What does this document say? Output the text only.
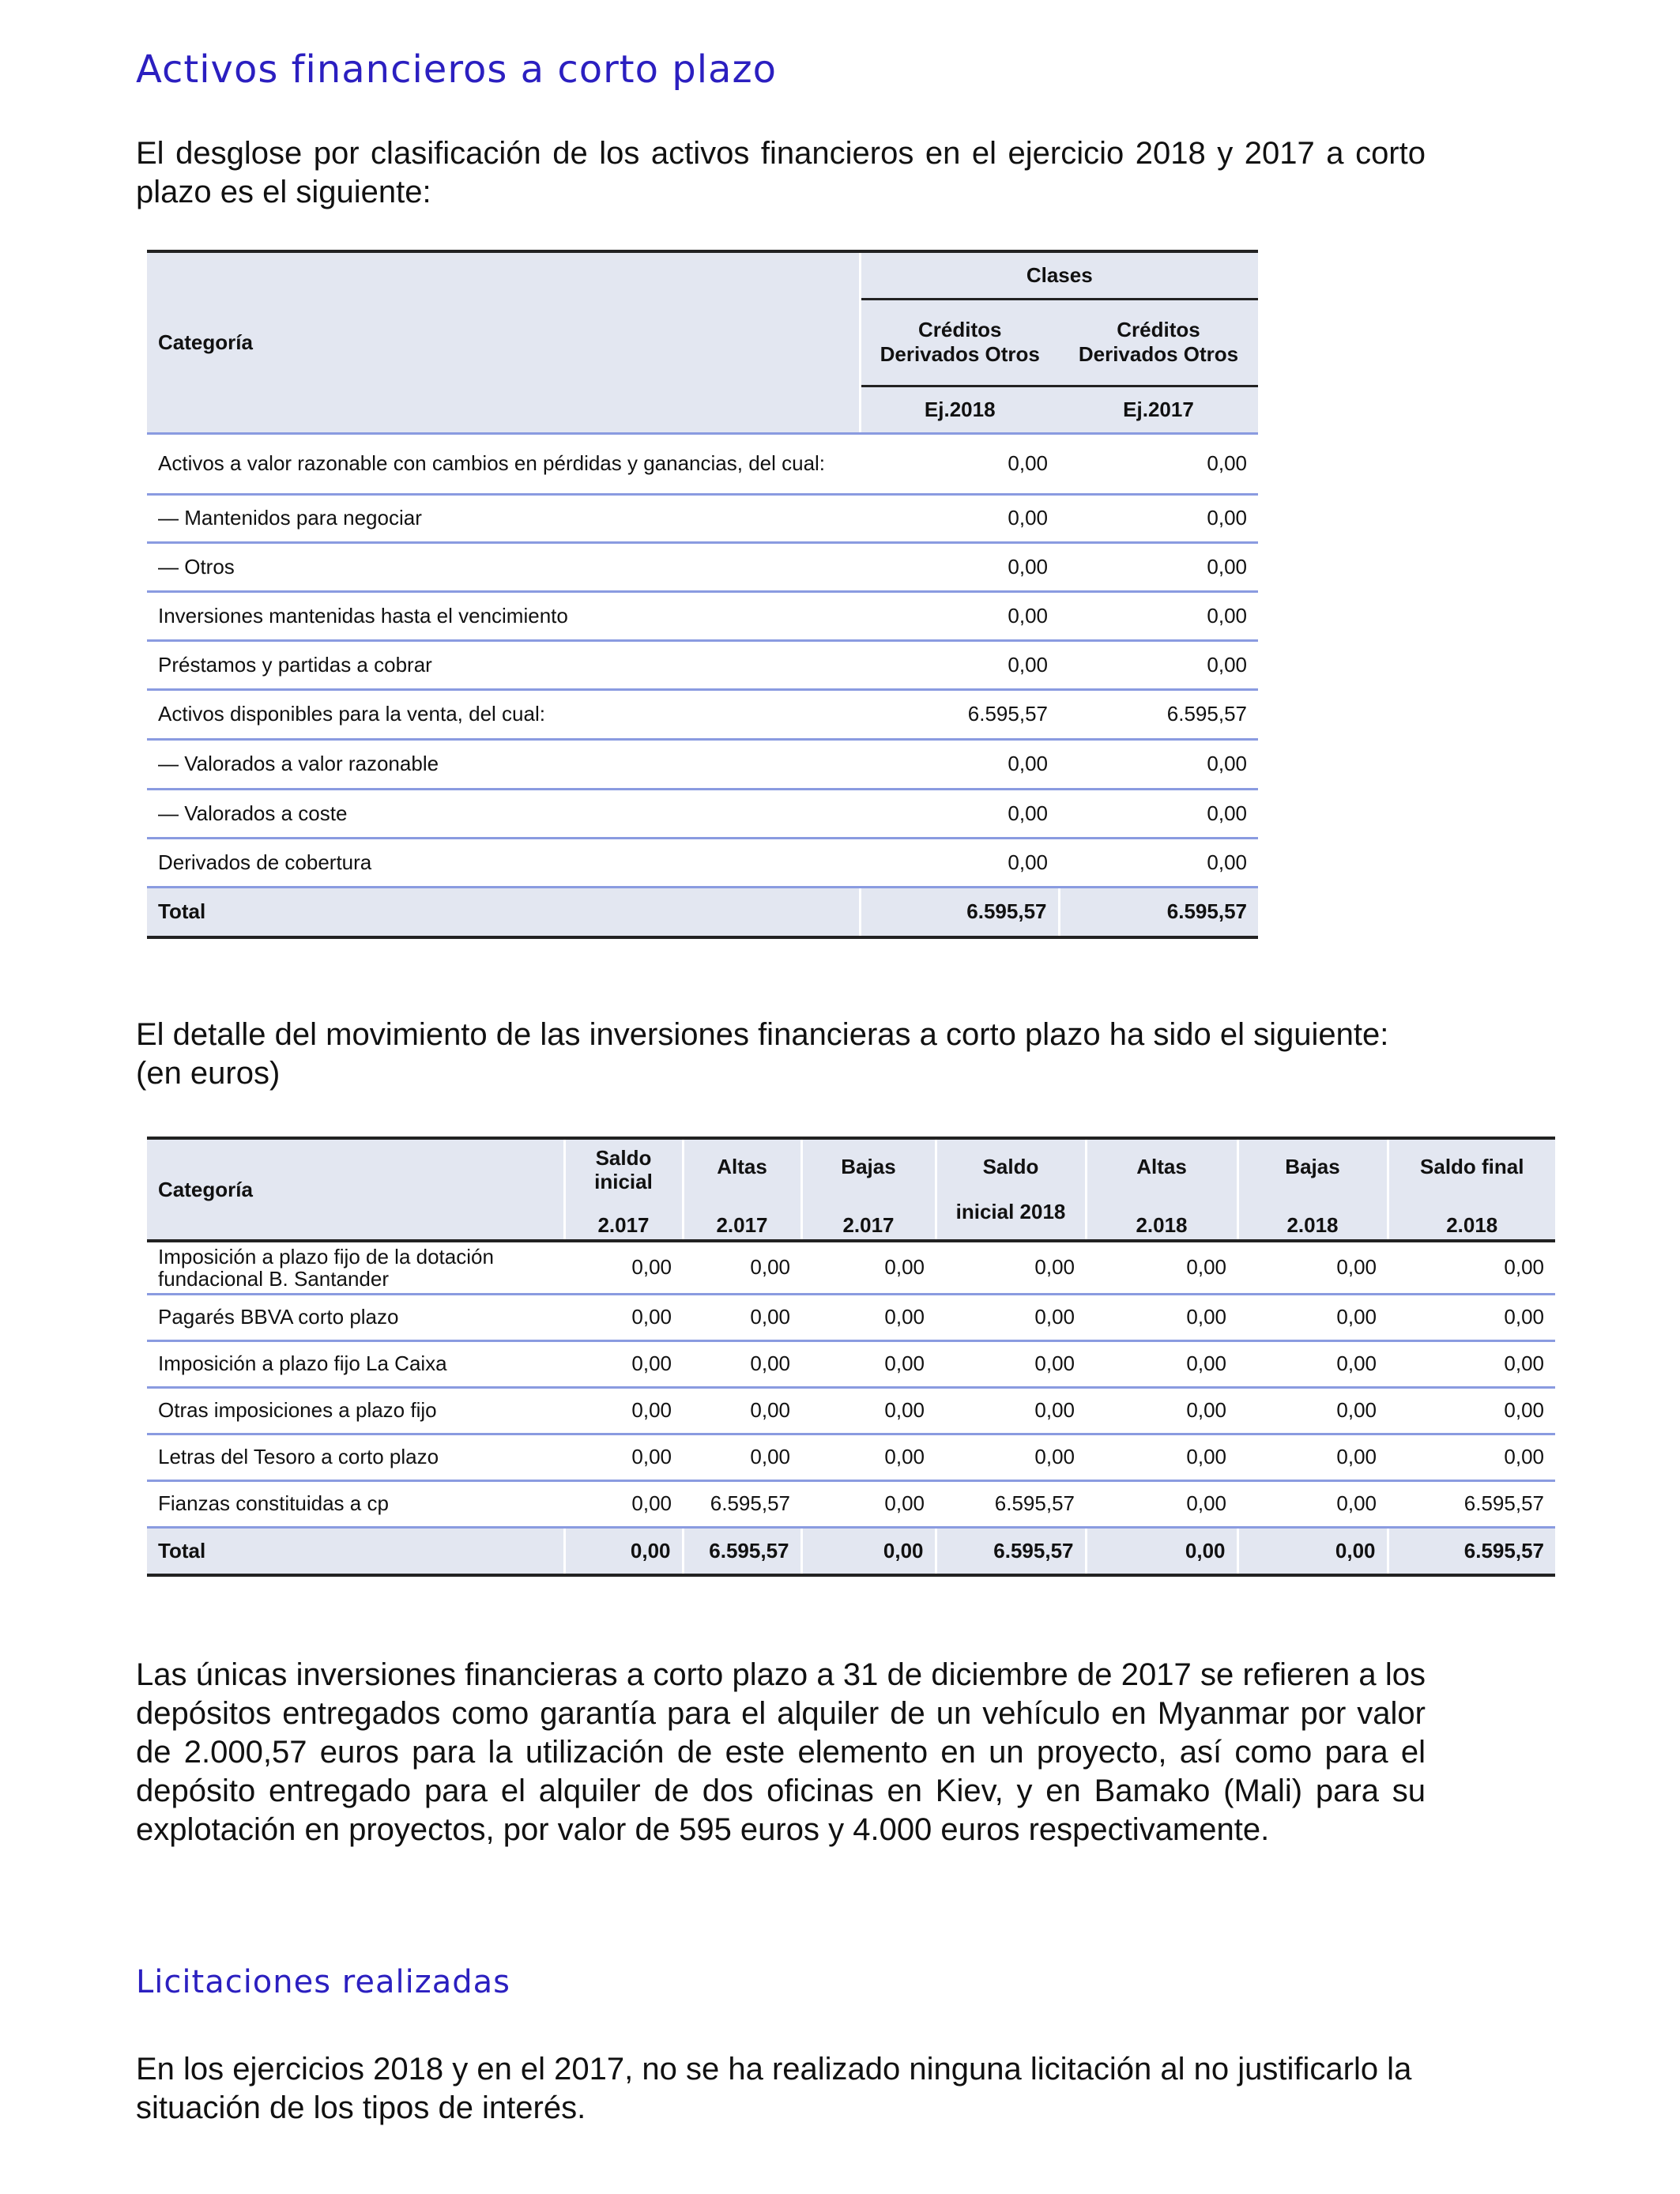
Activos financieros a corto plazo

El desglose por clasificación de los activos financieros en el ejercicio 2018 y 2017 a corto plazo es el siguiente:

Categoría	Clases	
	Créditos Derivados Otros	Créditos Derivados Otros
	Ej.2018	Ej.2017
Activos a valor razonable con cambios en pérdidas y ganancias, del cual:	0,00	0,00
— Mantenidos para negociar	0,00	0,00
— Otros	0,00	0,00
Inversiones mantenidas hasta el vencimiento	0,00	0,00
Préstamos y partidas a cobrar	0,00	0,00
Activos disponibles para la venta, del cual:	6.595,57	6.595,57
— Valorados a valor razonable	0,00	0,00
— Valorados a coste	0,00	0,00
Derivados de cobertura	0,00	0,00
Total	6.595,57	6.595,57
El detalle del movimiento de las inversiones financieras a corto plazo ha sido el siguiente:
(en euros)
Categoría	Saldo inicial	Altas	Bajas	Saldo	Altas	Bajas	Saldo final
	2.017	2.017	2.017	inicial 2018	2.018	2.018	2.018
Imposición a plazo fijo de la dotación fundacional B. Santander	0,00	0,00	0,00	0,00	0,00	0,00	0,00
Pagarés BBVA corto plazo	0,00	0,00	0,00	0,00	0,00	0,00	0,00
Imposición a plazo fijo La Caixa	0,00	0,00	0,00	0,00	0,00	0,00	0,00
Otras imposiciones a plazo fijo	0,00	0,00	0,00	0,00	0,00	0,00	0,00
Letras del Tesoro a corto plazo	0,00	0,00	0,00	0,00	0,00	0,00	0,00
Fianzas constituidas a cp	0,00	6.595,57	0,00	6.595,57	0,00	0,00	6.595,57
Total	0,00	6.595,57	0,00	6.595,57	0,00	0,00	6.595,57

Las únicas inversiones financieras a corto plazo a 31 de diciembre de 2017 se refieren a los depósitos entregados como garantía para el alquiler de un vehículo en Myanmar por valor de 2.000,57 euros para la utilización de este elemento en un proyecto, así como para el depósito entregado para el alquiler de dos oficinas en Kiev, y en Bamako (Mali) para su explotación en proyectos, por valor de 595 euros y 4.000 euros respectivamente.

Licitaciones realizadas

En los ejercicios 2018 y en el 2017, no se ha realizado ninguna licitación al no justificarlo la situación de los tipos de interés.
